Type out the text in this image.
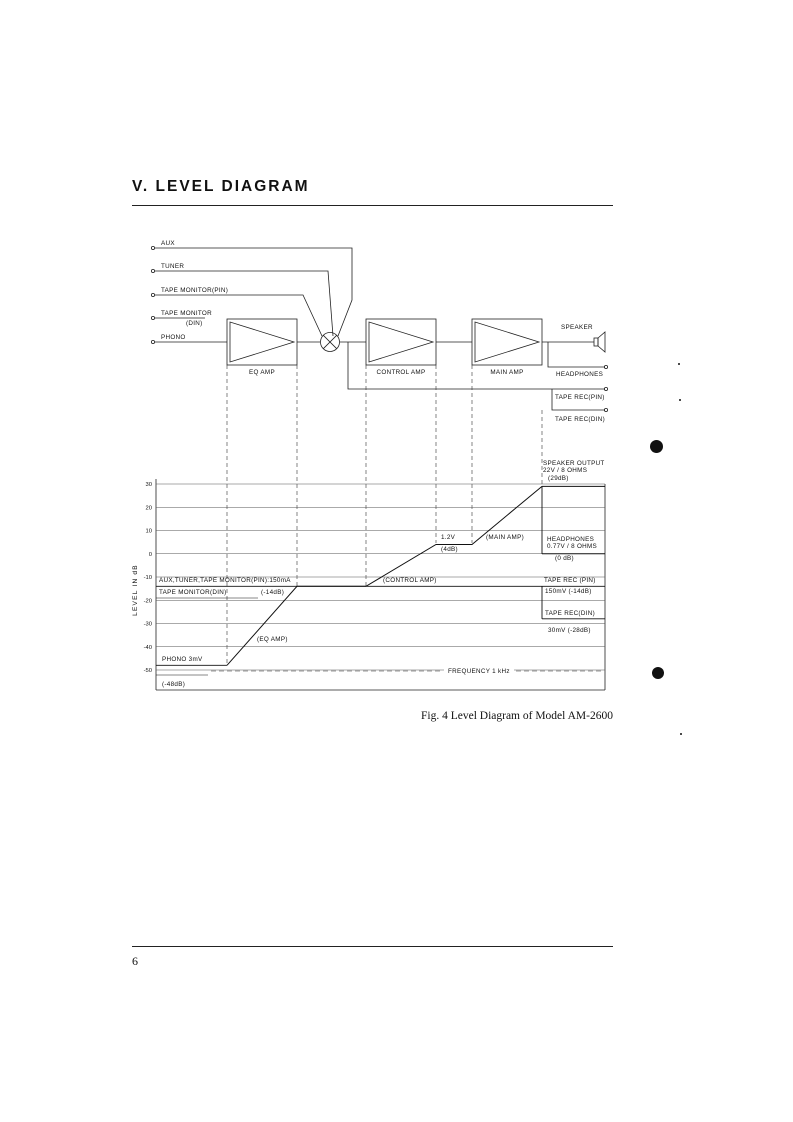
V. LEVEL DIAGRAM
AUX
TUNER
TAPE MONITOR(PIN)
TAPE MONITOR
(DIN)
PHONO
EQ AMP	CONTROL AMP	MAIN AMP
SPEAKER
HEADPHONES
TAPE REC(PIN)
TAPE REC(DIN)
30
20
10
0
-10
-20
-30
-40
-50
LEVEL IN dB
SPEAKER OUTPUT
22V / 8 OHMS
(29dB)
1.2V
(4dB)
(MAIN AMP)	HEADPHONES
0.77V / 8 OHMS
(0 dB)
(CONTROL AMP)
AUX,TUNER,TAPE MONITOR(PIN):150mA
TAPE MONITOR(DIN)	(-14dB)
TAPE REC (PIN)
150mV (-14dB)
TAPE REC(DIN)
30mV (-28dB)
(EQ AMP)
PHONO 3mV
(-48dB)
FREQUENCY 1 kHz
Fig. 4 Level Diagram of Model AM-2600
6
